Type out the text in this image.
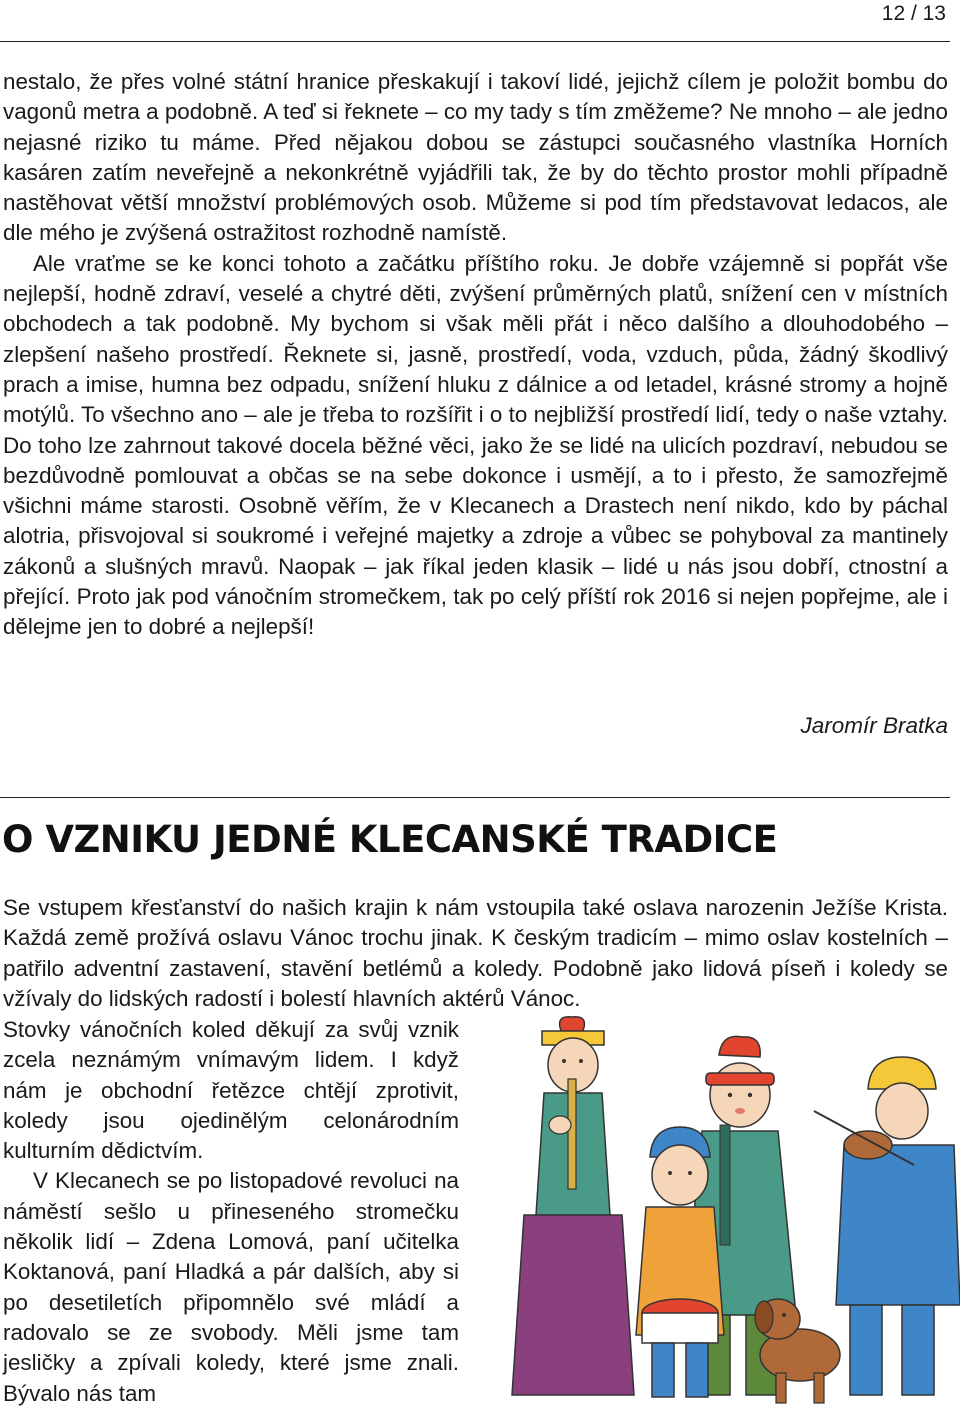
12 / 13

nestalo, že přes volné státní hranice přeskakují i takoví lidé, jejichž cílem je položit bombu do vagonů metra a podobně. A teď si řeknete – co my tady s tím změžeme? Ne mnoho – ale jedno nejasné riziko tu máme. Před nějakou dobou se zástupci současného vlastníka Horních kasáren zatím neveřejně a nekonkrétně vyjádřili tak, že by do těchto prostor mohli případně nastěhovat větší množství problémových osob. Můžeme si pod tím představovat ledacos, ale dle mého je zvýšená ostražitost rozhodně namístě.

Ale vraťme se ke konci tohoto a začátku příštího roku. Je dobře vzájemně si popřát vše nejlepší, hodně zdraví, veselé a chytré děti, zvýšení průměrných platů, snížení cen v místních obchodech a tak podobně. My bychom si však měli přát i něco dalšího a dlouhodobého – zlepšení našeho prostředí. Řeknete si, jasně, prostředí, voda, vzduch, půda, žádný škodlivý prach a imise, humna bez odpadu, snížení hluku z dálnice a od letadel, krásné stromy a hojně motýlů. To všechno ano – ale je třeba to rozšířit i o to nejbližší prostředí lidí, tedy o naše vztahy. Do toho lze zahrnout takové docela běžné věci, jako že se lidé na ulicích pozdraví, nebudou se bezdůvodně pomlouvat a občas se na sebe dokonce i usmějí, a to i přesto, že samozřejmě všichni máme starosti. Osobně věřím, že v Klecanech a Drastech není nikdo, kdo by páchal alotria, přisvojoval si soukromé i veřejné majetky a zdroje a vůbec se pohyboval za mantinely zákonů a slušných mravů. Naopak – jak říkal jeden klasik – lidé u nás jsou dobří, ctnostní a přející. Proto jak pod vánočním stromečkem, tak po celý příští rok 2016 si nejen popřejme, ale i dělejme jen to dobré a nejlepší!

Jaromír Bratka
O VZNIKU JEDNÉ KLECANSKÉ TRADICE

Se vstupem křesťanství do našich krajin k nám vstoupila také oslava narozenin Ježíše Krista. Každá země prožívá oslavu Vánoc trochu jinak. K českým tradicím – mimo oslav kostelních – patřilo adventní zastavení, stavění betlémů a koledy. Podobně jako lidová píseň i koledy se vžívaly do lidských radostí i bolestí hlavních aktérů Vánoc.

Stovky vánočních koled děkují za svůj vznik zcela neznámým vnímavým lidem. I když nám je obchodní řetězce chtějí zprotivit, koledy jsou ojedinělým celonárodním kulturním dědictvím.

V Klecanech se po listopadové revoluci na náměstí sešlo u přineseného stromečku několik lidí – Zdena Lomová, paní učitelka Koktanová, paní Hladká a pár dalších, aby si po desetiletích připomnělo své mládí a radovalo se ze svobody. Měli jsme tam jesličky a zpívali koledy, které jsme znali. Bývalo nás tam
